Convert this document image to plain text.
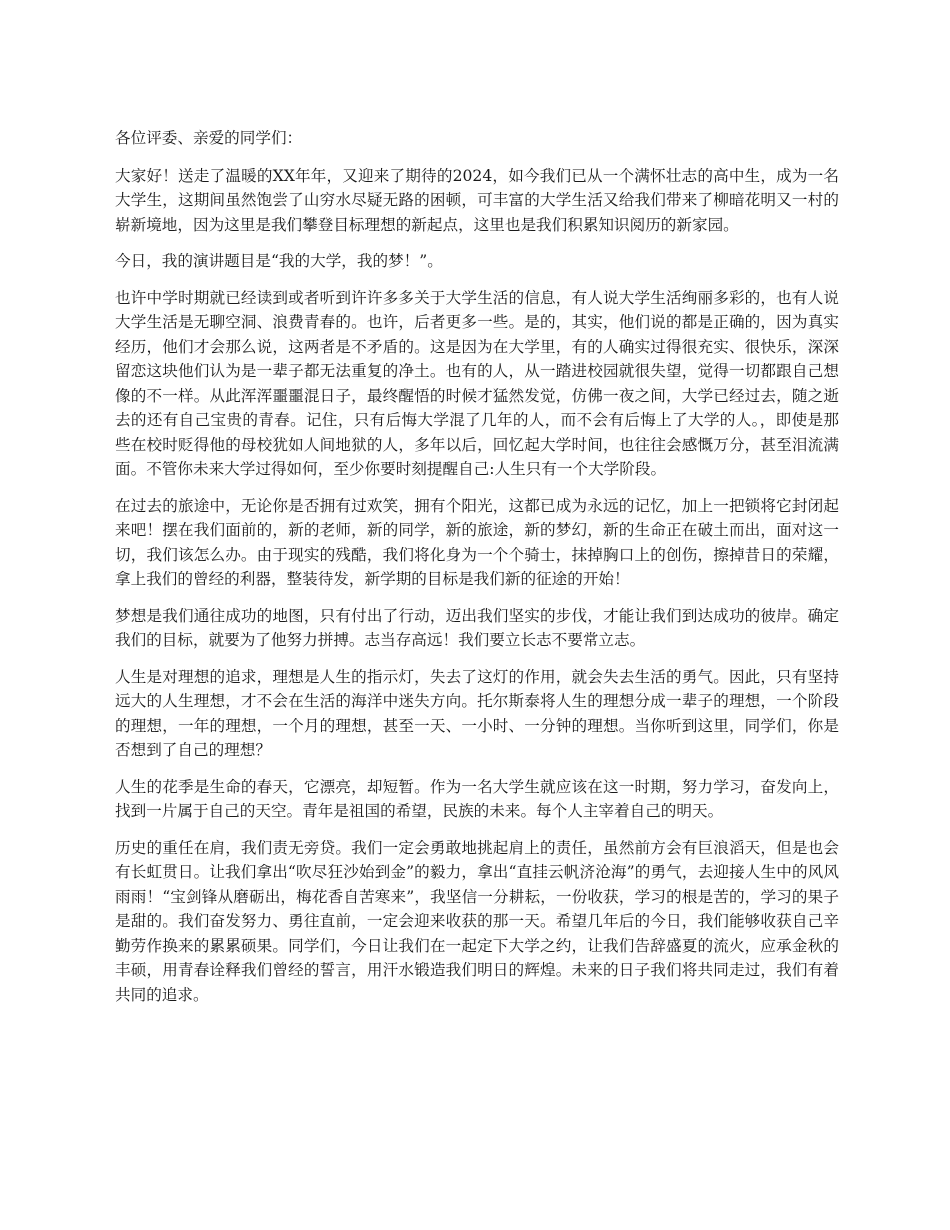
各位评委、亲爱的同学们：

大家好！送走了温暖的XX年年，又迎来了期待的2024，如今我们已从一个满怀壮志的高中生，成为一名大学生，这期间虽然饱尝了山穷水尽疑无路的困顿，可丰富的大学生活又给我们带来了柳暗花明又一村的崭新境地，因为这里是我们攀登目标理想的新起点，这里也是我们积累知识阅历的新家园。

今日，我的演讲题目是“我的大学，我的梦！”。

也许中学时期就已经读到或者听到许许多多关于大学生活的信息，有人说大学生活绚丽多彩的，也有人说大学生活是无聊空洞、浪费青春的。也许，后者更多一些。是的，其实，他们说的都是正确的，因为真实经历，他们才会那么说，这两者是不矛盾的。这是因为在大学里，有的人确实过得很充实、很快乐，深深留恋这块他们认为是一辈子都无法重复的净土。也有的人，从一踏进校园就很失望，觉得一切都跟自己想像的不一样。从此浑浑噩噩混日子，最终醒悟的时候才猛然发觉，仿佛一夜之间，大学已经过去，随之逝去的还有自己宝贵的青春。记住，只有后悔大学混了几年的人，而不会有后悔上了大学的人。，即使是那些在校时贬得他的母校犹如人间地狱的人，多年以后，回忆起大学时间，也往往会感慨万分，甚至泪流满面。不管你未来大学过得如何，至少你要时刻提醒自己:人生只有一个大学阶段。

在过去的旅途中，无论你是否拥有过欢笑，拥有个阳光，这都已成为永远的记忆，加上一把锁将它封闭起来吧！摆在我们面前的，新的老师，新的同学，新的旅途，新的梦幻，新的生命正在破土而出，面对这一切，我们该怎么办。由于现实的残酷，我们将化身为一个个骑士，抹掉胸口上的创伤，擦掉昔日的荣耀，拿上我们的曾经的利器，整装待发，新学期的目标是我们新的征途的开始！

梦想是我们通往成功的地图，只有付出了行动，迈出我们坚实的步伐，才能让我们到达成功的彼岸。确定我们的目标，就要为了他努力拼搏。志当存高远！我们要立长志不要常立志。

人生是对理想的追求，理想是人生的指示灯，失去了这灯的作用，就会失去生活的勇气。因此，只有坚持远大的人生理想，才不会在生活的海洋中迷失方向。托尔斯泰将人生的理想分成一辈子的理想，一个阶段的理想，一年的理想，一个月的理想，甚至一天、一小时、一分钟的理想。当你听到这里，同学们，你是否想到了自己的理想？

人生的花季是生命的春天，它漂亮，却短暂。作为一名大学生就应该在这一时期，努力学习，奋发向上，找到一片属于自己的天空。青年是祖国的希望，民族的未来。每个人主宰着自己的明天。

历史的重任在肩，我们责无旁贷。我们一定会勇敢地挑起肩上的责任，虽然前方会有巨浪滔天，但是也会有长虹贯日。让我们拿出“吹尽狂沙始到金”的毅力，拿出“直挂云帆济沧海”的勇气，去迎接人生中的风风雨雨！“宝剑锋从磨砺出，梅花香自苦寒来”，我坚信一分耕耘，一份收获，学习的根是苦的，学习的果子是甜的。我们奋发努力、勇往直前，一定会迎来收获的那一天。希望几年后的今日，我们能够收获自己辛勤劳作换来的累累硕果。同学们，今日让我们在一起定下大学之约，让我们告辞盛夏的流火，应承金秋的丰硕，用青春诠释我们曾经的誓言，用汗水锻造我们明日的辉煌。未来的日子我们将共同走过，我们有着共同的追求。
